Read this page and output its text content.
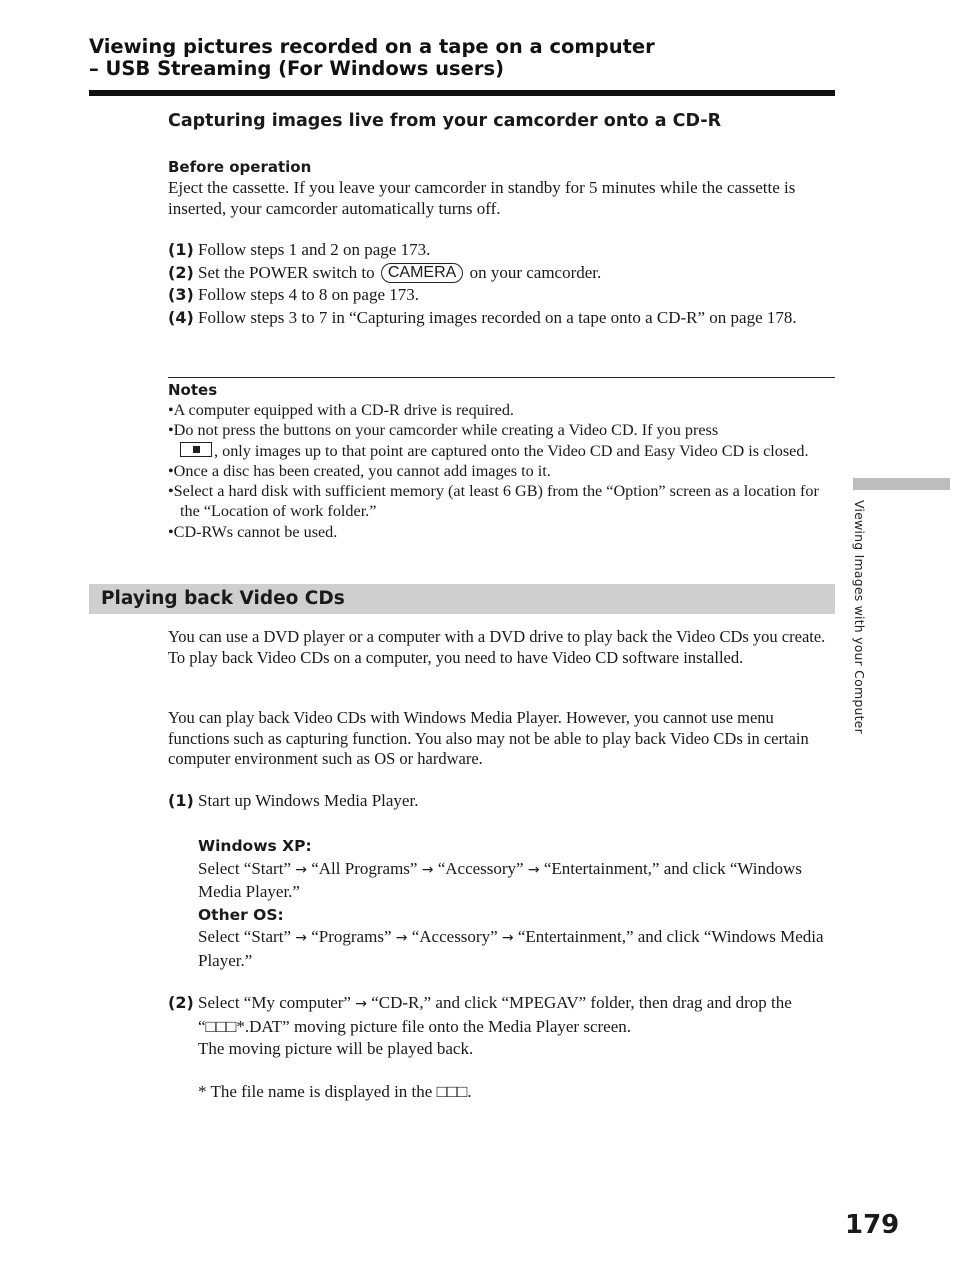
Viewing pictures recorded on a tape on a computer
– USB Streaming (For Windows users)
Capturing images live from your camcorder onto a CD-R
Before operation
Eject the cassette. If you leave your camcorder in standby for 5 minutes while the cassette is inserted, your camcorder automatically turns off.
(1) Follow steps 1 and 2 on page 173.
(2) Set the POWER switch to CAMERA on your camcorder.
(3) Follow steps 4 to 8 on page 173.
(4) Follow steps 3 to 7 in “Capturing images recorded on a tape onto a CD-R” on page 178.
Notes
•A computer equipped with a CD-R drive is required.
•Do not press the buttons on your camcorder while creating a Video CD. If you press
, only images up to that point are captured onto the Video CD and Easy Video CD is closed.
•Once a disc has been created, you cannot add images to it.
•Select a hard disk with sufficient memory (at least 6 GB) from the “Option” screen as a location for the “Location of work folder.”
•CD-RWs cannot be used.
Playing back Video CDs
You can use a DVD player or a computer with a DVD drive to play back the Video CDs you create.
To play back Video CDs on a computer, you need to have Video CD software installed.
You can play back Video CDs with Windows Media Player. However, you cannot use menu functions such as capturing function. You also may not be able to play back Video CDs in certain computer environment such as OS or hardware.
(1) Start up Windows Media Player.
Windows XP:
Select “Start” → “All Programs” → “Accessory” → “Entertainment,” and click “Windows Media Player.”
Other OS:
Select “Start” → “Programs” → “Accessory” → “Entertainment,” and click “Windows Media Player.”
(2) Select “My computer” → “CD-R,” and click “MPEGAV” folder, then drag and drop the “□□□*.DAT” moving picture file onto the Media Player screen.
The moving picture will be played back.
* The file name is displayed in the □□□.
Viewing Images with your Computer
179
